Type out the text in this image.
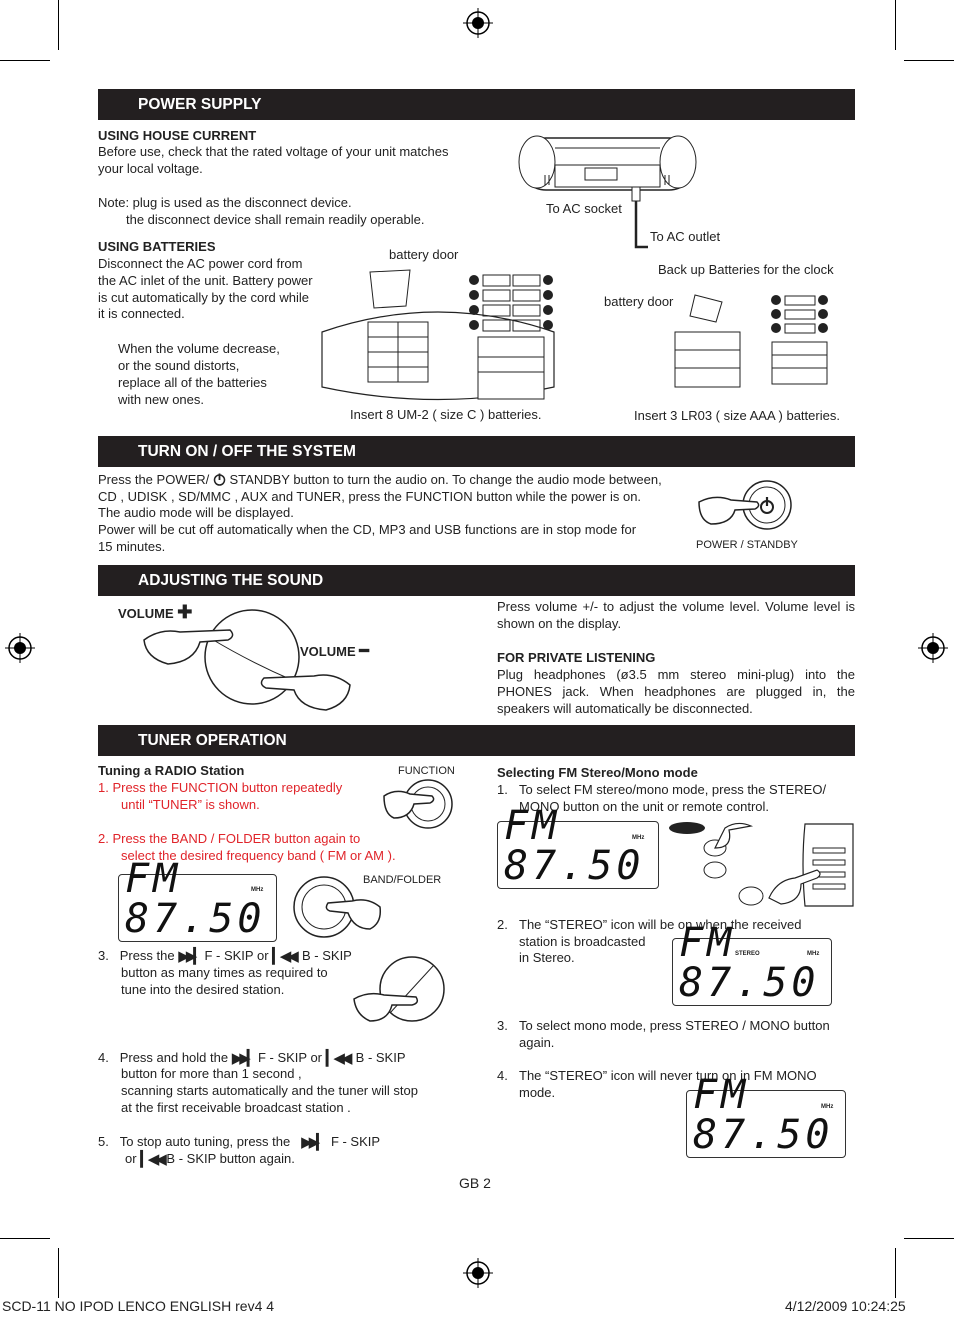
POWER SUPPLY
USING HOUSE CURRENT
Before use, check that the rated voltage of your unit matches
your local voltage.
Note: plug is used as the disconnect device.
the disconnect device shall remain readily operable.
USING BATTERIES
Disconnect the AC power cord from
the AC inlet of the unit. Battery power
is cut automatically by the cord while
it is connected.
When the volume decrease,
or the sound distorts,
replace all of the batteries
with new ones.
To AC socket
To AC outlet
Back up Batteries for the clock
battery door
Insert 8 UM-2 ( size C ) batteries.
battery door
Insert 3 LR03 ( size AAA ) batteries.
TURN ON / OFF THE SYSTEM
Press the POWER/ STANDBY button to turn the audio on. To change the audio mode between,
CD , UDISK , SD/MMC , AUX and TUNER, press the FUNCTION button while the power is on.
The audio mode will be displayed.
Power will be cut off automatically when the CD, MP3 and USB functions are in stop mode for
15 minutes.	POWER / STANDBY
ADJUSTING THE SOUND
VOLUME ✚
VOLUME ━
Press volume +/- to adjust the volume level. Volume level is shown on the display.
FOR PRIVATE LISTENING
Plug headphones (ø3.5 mm stereo mini-plug) into the PHONES jack. When headphones are plugged in, the speakers will automatically be disconnected.
TUNER OPERATION
Tuning a RADIO Station
1. Press the FUNCTION button repeatedly
until “TUNER” is shown.
FUNCTION
2. Press the BAND / FOLDER button again to
select the desired frequency band ( FM or AM ).
BAND/FOLDER
MHz
FM 87.50
3. Press the ▶▶▎ F - SKIP or ▎◀◀ B - SKIP
button as many times as required to
tune into the desired station.
4. Press and hold the ▶▶▎ F - SKIP or  ▎◀◀ B - SKIP
button for more than 1 second ,
scanning starts automatically and the tuner will stop
at the first receivable broadcast station .
5. To stop auto tuning, press the ▶▶▎ F - SKIP
or ▎◀◀ B - SKIP button again.
Selecting FM Stereo/Mono mode
1. To select FM stereo/mono mode, press the STEREO/
MONO button on the unit or remote control.
MHz
FM 87.50
2. The “STEREO” icon will be on when the received
station is broadcasted
in Stereo.	STEREO	MHz
FM 87.50
3. To select mono mode, press STEREO / MONO button
again.
4. The “STEREO” icon will never turn on in FM MONO
mode.
MHz
FM 87.50
GB 2
SCD-11 NO IPOD LENCO ENGLISH rev4 4	4/12/2009 10:24:25
